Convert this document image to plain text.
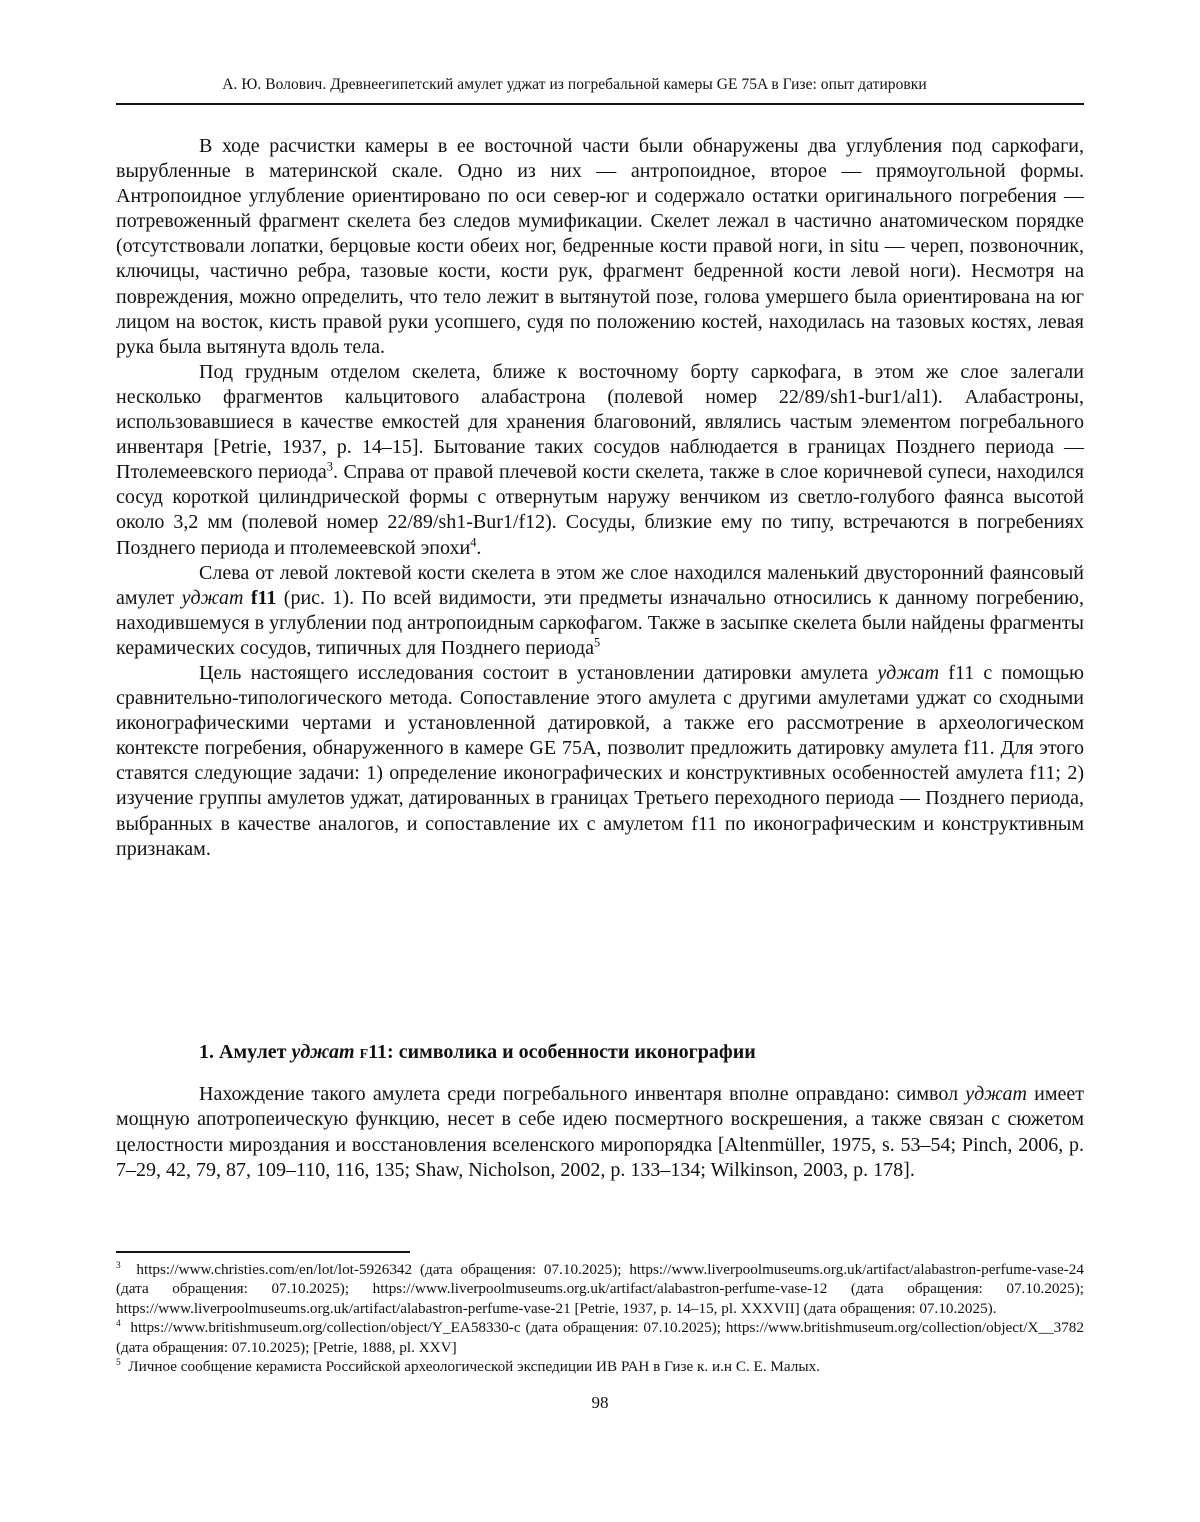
А. Ю. Волович. Древнеегипетский амулет уджат из погребальной камеры GE 75A в Гизе: опыт датировки

В ходе расчистки камеры в ее восточной части были обнаружены два углубления под саркофаги, вырубленные в материнской скале. Одно из них — антропоидное, второе — прямоугольной формы. Антропоидное углубление ориентировано по оси север-юг и содержало остатки оригинального погребения — потревоженный фрагмент скелета без следов мумификации. Скелет лежал в частично анатомическом порядке (отсутствовали лопатки, берцовые кости обеих ног, бедренные кости правой ноги, in situ — череп, позвоночник, ключицы, частично ребра, тазовые кости, кости рук, фрагмент бедренной кости левой ноги). Несмотря на повреждения, можно определить, что тело лежит в вытянутой позе, голова умершего была ориентирована на юг лицом на восток, кисть правой руки усопшего, судя по положению костей, находилась на тазовых костях, левая рука была вытянута вдоль тела.

Под грудным отделом скелета, ближе к восточному борту саркофага, в этом же слое залегали несколько фрагментов кальцитового алабастрона (полевой номер 22/89/sh1-bur1/al1). Алабастроны, использовавшиеся в качестве емкостей для хранения благовоний, являлись частым элементом погребального инвентаря [Petrie, 1937, p. 14–15]. Бытование таких сосудов наблюдается в границах Позднего периода — Птолемеевского периода$^3$. Справа от правой плечевой кости скелета, также в слое коричневой супеси, находился сосуд короткой цилиндрической формы с отвернутым наружу венчиком из светло-голубого фаянса высотой около 3,2 мм (полевой номер 22/89/sh1-Bur1/f12). Сосуды, близкие ему по типу, встречаются в погребениях Позднего периода и птолемеевской эпохи$^4$.

Слева от левой локтевой кости скелета в этом же слое находился маленький двусторонний фаянсовый амулет уджат f11 (рис. 1). По всей видимости, эти предметы изначально относились к данному погребению, находившемуся в углублении под антропоидным саркофагом. Также в засыпке скелета были найдены фрагменты керамических сосудов, типичных для Позднего периода$^5$

Цель настоящего исследования состоит в установлении датировки амулета уджат f11 с помощью сравнительно-типологического метода. Сопоставление этого амулета с другими амулетами уджат со сходными иконографическими чертами и установленной датировкой, а также его рассмотрение в археологическом контексте погребения, обнаруженного в камере GE 75A, позволит предложить датировку амулета f11. Для этого ставятся следующие задачи: 1) определение иконографических и конструктивных особенностей амулета f11; 2) изучение группы амулетов уджат, датированных в границах Третьего переходного периода — Позднего периода, выбранных в качестве аналогов, и сопоставление их с амулетом f11 по иконографическим и конструктивным признакам.

1. Амулет уджат f11: символика и особенности иконографии

Нахождение такого амулета среди погребального инвентаря вполне оправдано: символ уджат имеет мощную апотропеическую функцию, несет в себе идею посмертного воскрешения, а также связан с сюжетом целостности мироздания и восстановления вселенского миропорядка [Altenmüller, 1975, s. 53–54; Pinch, 2006, p. 7–29, 42, 79, 87, 109–110, 116, 135; Shaw, Nicholson, 2002, p. 133–134; Wilkinson, 2003, p. 178].

$^3$ https://www.christies.com/en/lot/lot-5926342 (дата обращения: 07.10.2025); https://www.liverpoolmuseums.org.uk/artifact/alabastron-perfume-vase-24 (дата обращения: 07.10.2025); https://www.liverpoolmuseums.org.uk/artifact/alabastron-perfume-vase-12 (дата обращения: 07.10.2025); https://www.liverpoolmuseums.org.uk/artifact/alabastron-perfume-vase-21 [Petrie, 1937, p. 14–15, pl. XXXVII] (дата обращения: 07.10.2025).

$^4$ https://www.britishmuseum.org/collection/object/Y_EA58330-c (дата обращения: 07.10.2025); https://www.britishmuseum.org/collection/object/X__3782 (дата обращения: 07.10.2025); [Petrie, 1888, pl. XXV]

$^5$ Личное сообщение керамиста Российской археологической экспедиции ИВ РАН в Гизе к. и.н С. Е. Малых.

98
